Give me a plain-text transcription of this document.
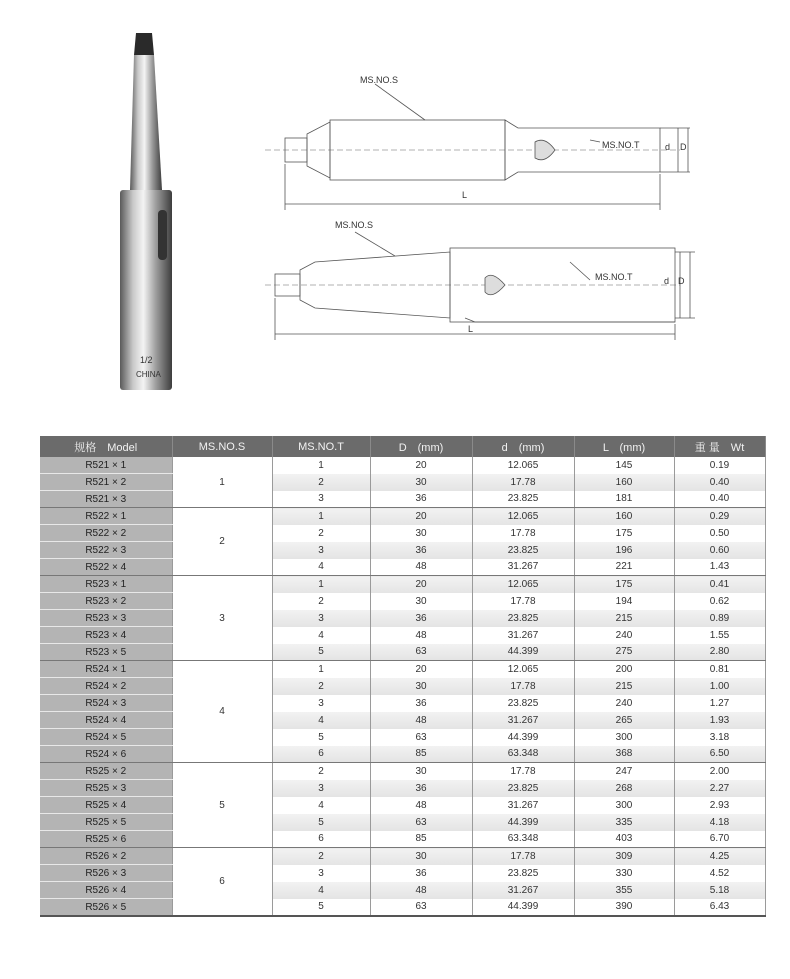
1/2
CHINA
MS.NO.S
MS.NO.T
L
d D
MS.NO.S
MS.NO.T
L
d D
规格　Model	MS.NO.S	MS.NO.T	D　(mm)	d　(mm)	L　(mm)	重 量　Wt
R521 × 1	1	1	20	12.065	145	0.19
R521 × 2		2	30	17.78	160	0.40
R521 × 3		3	36	23.825	181	0.40
R522 × 1	2	1	20	12.065	160	0.29
R522 × 2		2	30	17.78	175	0.50
R522 × 3		3	36	23.825	196	0.60
R522 × 4		4	48	31.267	221	1.43
R523 × 1	3	1	20	12.065	175	0.41
R523 × 2		2	30	17.78	194	0.62
R523 × 3		3	36	23.825	215	0.89
R523 × 4		4	48	31.267	240	1.55
R523 × 5		5	63	44.399	275	2.80
R524 × 1	4	1	20	12.065	200	0.81
R524 × 2		2	30	17.78	215	1.00
R524 × 3		3	36	23.825	240	1.27
R524 × 4		4	48	31.267	265	1.93
R524 × 5		5	63	44.399	300	3.18
R524 × 6		6	85	63.348	368	6.50
R525 × 2	5	2	30	17.78	247	2.00
R525 × 3		3	36	23.825	268	2.27
R525 × 4		4	48	31.267	300	2.93
R525 × 5		5	63	44.399	335	4.18
R525 × 6		6	85	63.348	403	6.70
R526 × 2	6	2	30	17.78	309	4.25
R526 × 3		3	36	23.825	330	4.52
R526 × 4		4	48	31.267	355	5.18
R526 × 5		5	63	44.399	390	6.43
